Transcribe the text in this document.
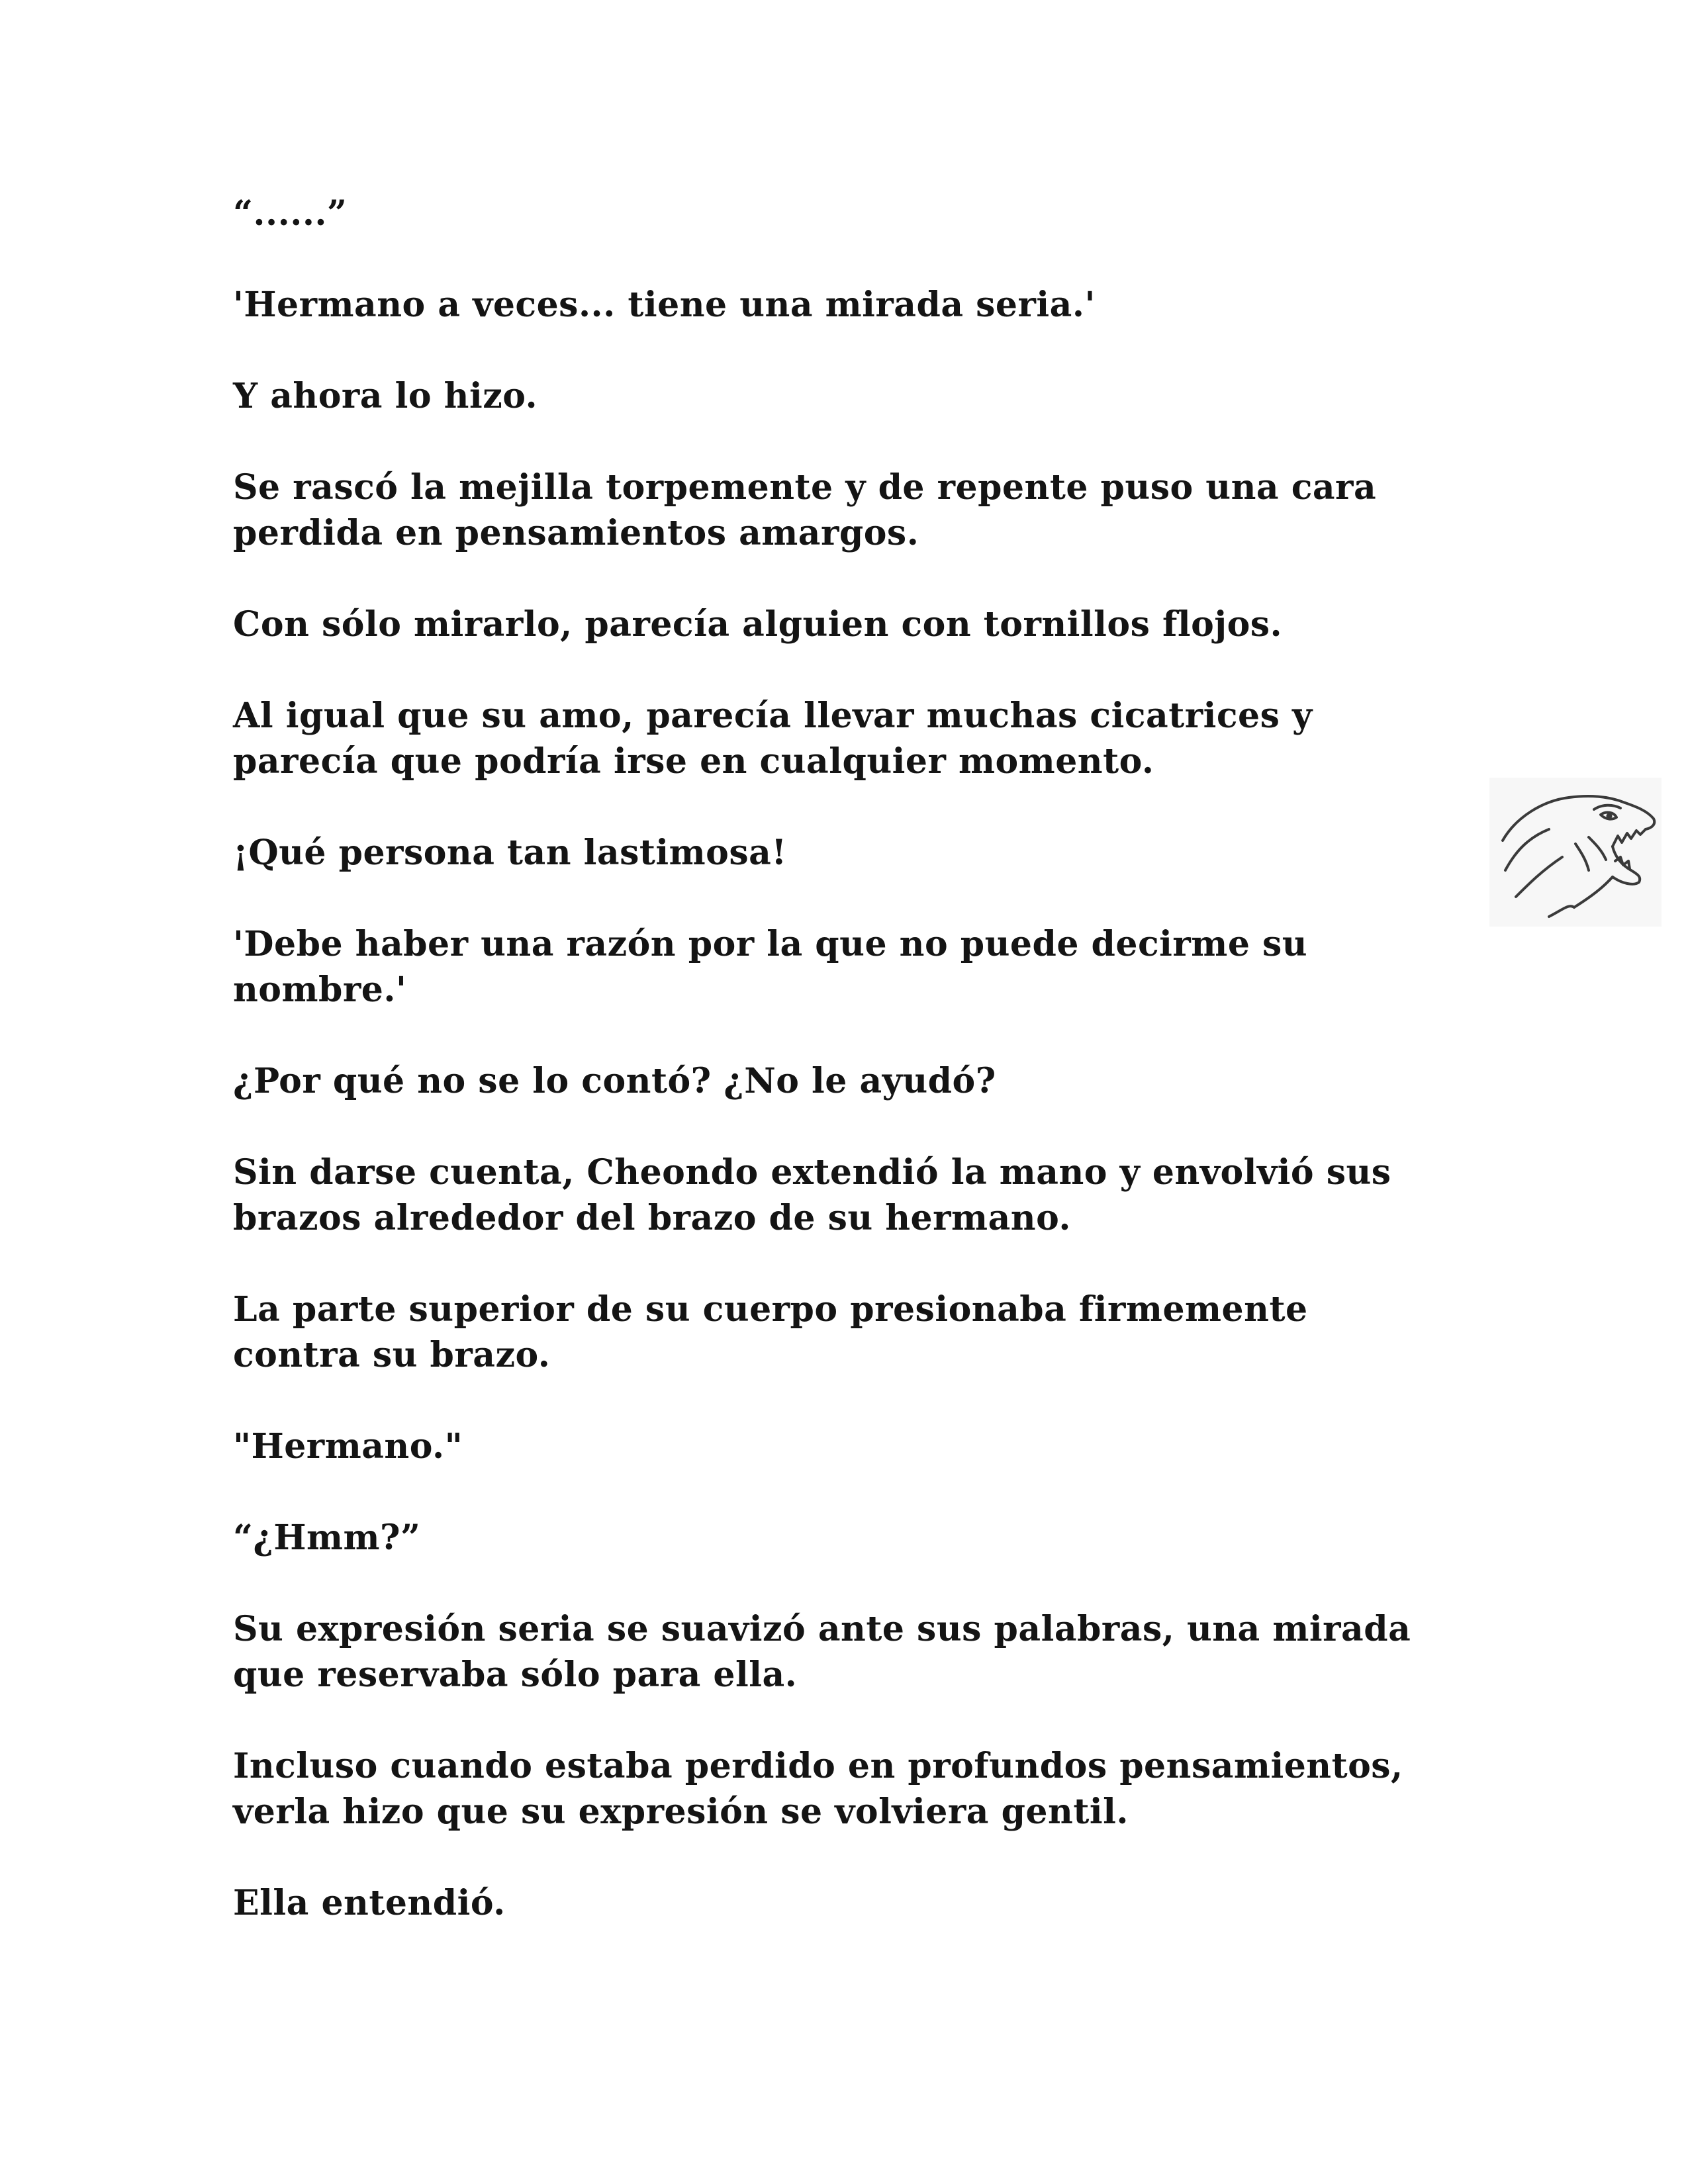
“......”

'Hermano a veces... tiene una mirada seria.'

Y ahora lo hizo.

Se rascó la mejilla torpemente y de repente puso una cara
perdida en pensamientos amargos.

Con sólo mirarlo, parecía alguien con tornillos flojos.

Al igual que su amo, parecía llevar muchas cicatrices y
parecía que podría irse en cualquier momento.

¡Qué persona tan lastimosa!

'Debe haber una razón por la que no puede decirme su
nombre.'

¿Por qué no se lo contó? ¿No le ayudó?

Sin darse cuenta, Cheondo extendió la mano y envolvió sus
brazos alrededor del brazo de su hermano.

La parte superior de su cuerpo presionaba firmemente
contra su brazo.

"Hermano."

“¿Hmm?”

Su expresión seria se suavizó ante sus palabras, una mirada
que reservaba sólo para ella.

Incluso cuando estaba perdido en profundos pensamientos,
verla hizo que su expresión se volviera gentil.

Ella entendió.
